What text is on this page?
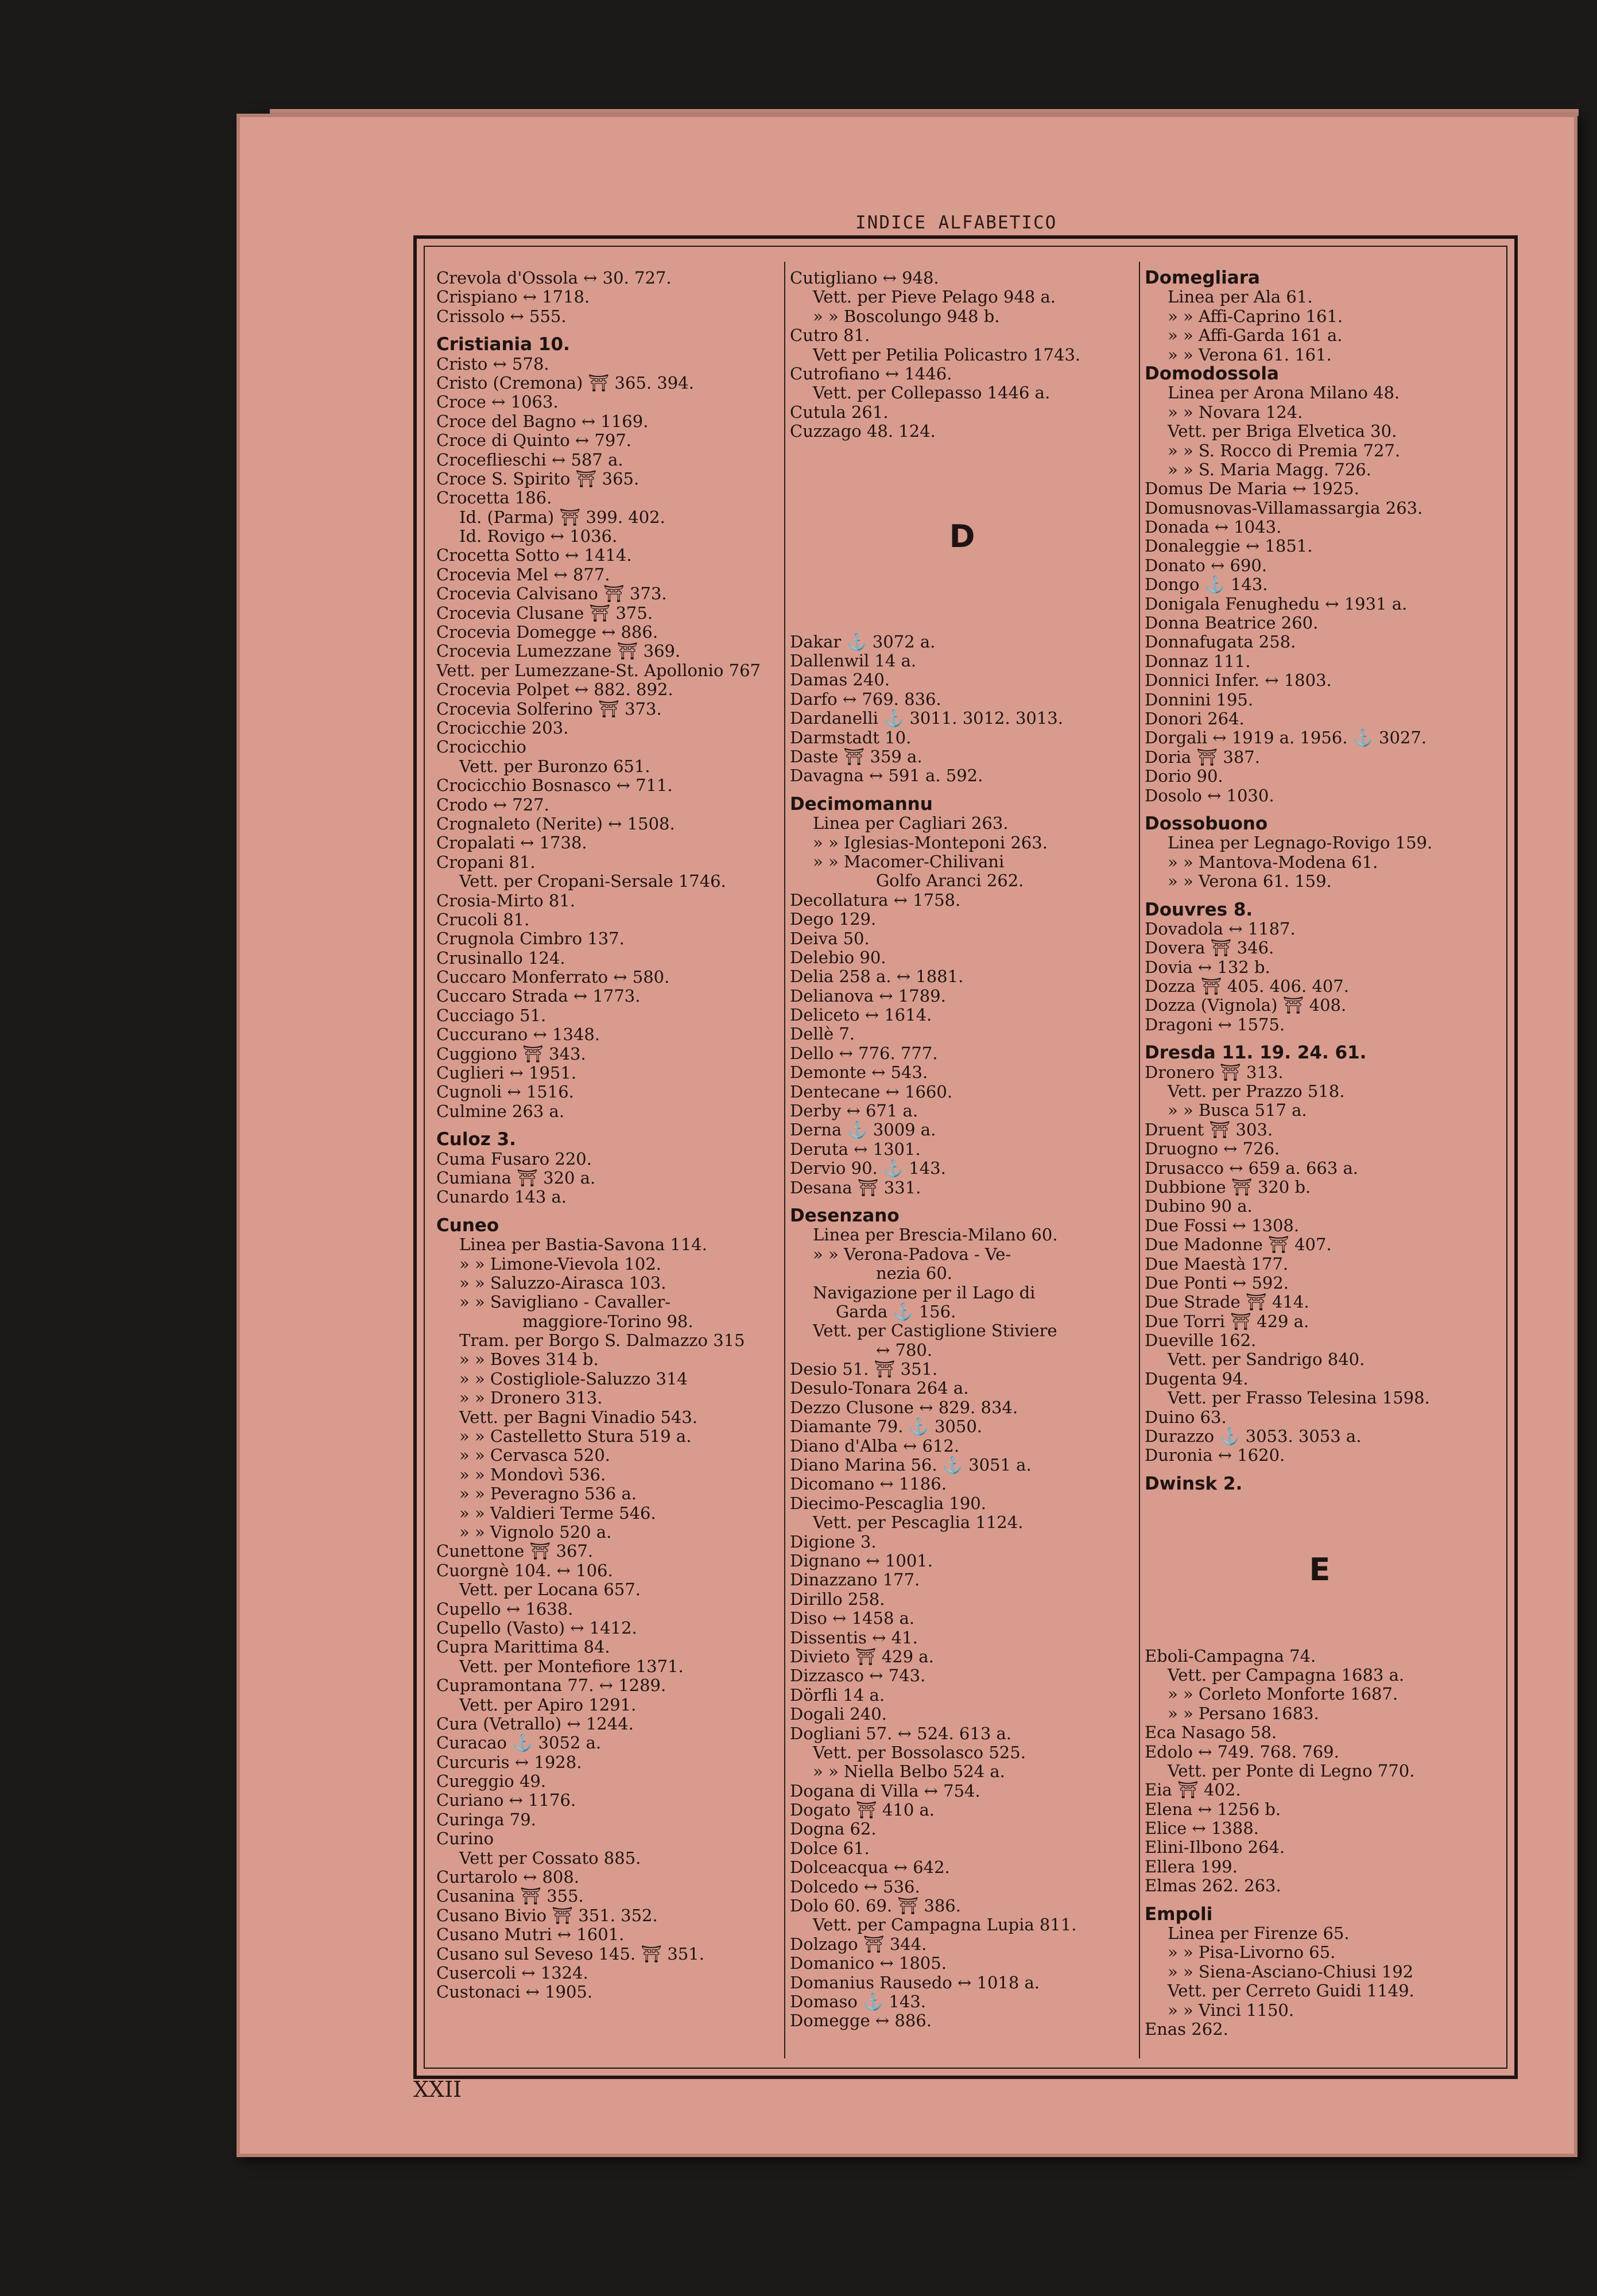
INDICE ALFABETICO
Crevola d'Ossola ↔ 30. 727.
Crispiano ↔ 1718.
Crissolo ↔ 555.
Cristiania 10.
Cristo ↔ 578.
Cristo (Cremona) ⛩ 365. 394.
Croce ↔ 1063.
Croce del Bagno ↔ 1169.
Croce di Quinto ↔ 797.
Croceflieschi ↔ 587 a.
Croce S. Spirito ⛩ 365.
Crocetta 186.
Id. (Parma) ⛩ 399. 402.
Id. Rovigo ↔ 1036.
Crocetta Sotto ↔ 1414.
Crocevia Mel ↔ 877.
Crocevia Calvisano ⛩ 373.
Crocevia Clusane ⛩ 375.
Crocevia Domegge ↔ 886.
Crocevia Lumezzane ⛩ 369.
Vett. per Lumezzane-St. Apollonio 767
Crocevia Polpet ↔ 882. 892.
Crocevia Solferino ⛩ 373.
Crocicchie 203.
Crocicchio
Vett. per Buronzo 651.
Crocicchio Bosnasco ↔ 711.
Crodo ↔ 727.
Crognaleto (Nerite) ↔ 1508.
Cropalati ↔ 1738.
Cropani 81.
Vett. per Cropani-Sersale 1746.
Crosia-Mirto 81.
Crucoli 81.
Crugnola Cimbro 137.
Crusinallo 124.
Cuccaro Monferrato ↔ 580.
Cuccaro Strada ↔ 1773.
Cucciago 51.
Cuccurano ↔ 1348.
Cuggiono ⛩ 343.
Cuglieri ↔ 1951.
Cugnoli ↔ 1516.
Culmine 263 a.
Culoz 3.
Cuma Fusaro 220.
Cumiana ⛩ 320 a.
Cunardo 143 a.
Cuneo
Linea per Bastia-Savona 114.
» » Limone-Vievola 102.
» » Saluzzo-Airasca 103.
» » Savigliano - Cavaller-
maggiore-Torino 98.
Tram. per Borgo S. Dalmazzo 315
» » Boves 314 b.
» » Costigliole-Saluzzo 314
» » Dronero 313.
Vett. per Bagni Vinadio 543.
» » Castelletto Stura 519 a.
» » Cervasca 520.
» » Mondovì 536.
» » Peveragno 536 a.
» » Valdieri Terme 546.
» » Vignolo 520 a.
Cunettone ⛩ 367.
Cuorgnè 104. ↔ 106.
Vett. per Locana 657.
Cupello ↔ 1638.
Cupello (Vasto) ↔ 1412.
Cupra Marittima 84.
Vett. per Montefiore 1371.
Cupramontana 77. ↔ 1289.
Vett. per Apiro 1291.
Cura (Vetrallo) ↔ 1244.
Curacao ⚓ 3052 a.
Curcuris ↔ 1928.
Cureggio 49.
Curiano ↔ 1176.
Curinga 79.
Curino
Vett per Cossato 885.
Curtarolo ↔ 808.
Cusanina ⛩ 355.
Cusano Bivio ⛩ 351. 352.
Cusano Mutri ↔ 1601.
Cusano sul Seveso 145. ⛩ 351.
Cusercoli ↔ 1324.
Custonaci ↔ 1905.
Cutigliano ↔ 948.
Vett. per Pieve Pelago 948 a.
» » Boscolungo 948 b.
Cutro 81.
Vett per Petilia Policastro 1743.
Cutrofiano ↔ 1446.
Vett. per Collepasso 1446 a.
Cutula 261.
Cuzzago 48. 124.
D
Dakar ⚓ 3072 a.
Dallenwil 14 a.
Damas 240.
Darfo ↔ 769. 836.
Dardanelli ⚓ 3011. 3012. 3013.
Darmstadt 10.
Daste ⛩ 359 a.
Davagna ↔ 591 a. 592.
Decimomannu
Linea per Cagliari 263.
» » Iglesias-Monteponi 263.
» » Macomer-Chilivani
Golfo Aranci 262.
Decollatura ↔ 1758.
Dego 129.
Deiva 50.
Delebio 90.
Delia 258 a. ↔ 1881.
Delianova ↔ 1789.
Deliceto ↔ 1614.
Dellè 7.
Dello ↔ 776. 777.
Demonte ↔ 543.
Dentecane ↔ 1660.
Derby ↔ 671 a.
Derna ⚓ 3009 a.
Deruta ↔ 1301.
Dervio 90. ⚓ 143.
Desana ⛩ 331.
Desenzano
Linea per Brescia-Milano 60.
» » Verona-Padova - Ve-
nezia 60.
Navigazione per il Lago di
Garda ⚓ 156.
Vett. per Castiglione Stiviere
↔ 780.
Desio 51. ⛩ 351.
Desulo-Tonara 264 a.
Dezzo Clusone ↔ 829. 834.
Diamante 79. ⚓ 3050.
Diano d'Alba ↔ 612.
Diano Marina 56. ⚓ 3051 a.
Dicomano ↔ 1186.
Diecimo-Pescaglia 190.
Vett. per Pescaglia 1124.
Digione 3.
Dignano ↔ 1001.
Dinazzano 177.
Dirillo 258.
Diso ↔ 1458 a.
Dissentis ↔ 41.
Divieto ⛩ 429 a.
Dizzasco ↔ 743.
Dörfli 14 a.
Dogali 240.
Dogliani 57. ↔ 524. 613 a.
Vett. per Bossolasco 525.
» » Niella Belbo 524 a.
Dogana di Villa ↔ 754.
Dogato ⛩ 410 a.
Dogna 62.
Dolce 61.
Dolceacqua ↔ 642.
Dolcedo ↔ 536.
Dolo 60. 69. ⛩ 386.
Vett. per Campagna Lupia 811.
Dolzago ⛩ 344.
Domanico ↔ 1805.
Domanius Rausedo ↔ 1018 a.
Domaso ⚓ 143.
Domegge ↔ 886.
Domegliara
Linea per Ala 61.
» » Affi-Caprino 161.
» » Affi-Garda 161 a.
» » Verona 61. 161.
Domodossola
Linea per Arona Milano 48.
» » Novara 124.
Vett. per Briga Elvetica 30.
» » S. Rocco di Premia 727.
» » S. Maria Magg. 726.
Domus De Maria ↔ 1925.
Domusnovas-Villamassargia 263.
Donada ↔ 1043.
Donaleggie ↔ 1851.
Donato ↔ 690.
Dongo ⚓ 143.
Donigala Fenughedu ↔ 1931 a.
Donna Beatrice 260.
Donnafugata 258.
Donnaz 111.
Donnici Infer. ↔ 1803.
Donnini 195.
Donori 264.
Dorgali ↔ 1919 a. 1956. ⚓ 3027.
Doria ⛩ 387.
Dorio 90.
Dosolo ↔ 1030.
Dossobuono
Linea per Legnago-Rovigo 159.
» » Mantova-Modena 61.
» » Verona 61. 159.
Douvres 8.
Dovadola ↔ 1187.
Dovera ⛩ 346.
Dovia ↔ 132 b.
Dozza ⛩ 405. 406. 407.
Dozza (Vignola) ⛩ 408.
Dragoni ↔ 1575.
Dresda 11. 19. 24. 61.
Dronero ⛩ 313.
Vett. per Prazzo 518.
» » Busca 517 a.
Druent ⛩ 303.
Druogno ↔ 726.
Drusacco ↔ 659 a. 663 a.
Dubbione ⛩ 320 b.
Dubino 90 a.
Due Fossi ↔ 1308.
Due Madonne ⛩ 407.
Due Maestà 177.
Due Ponti ↔ 592.
Due Strade ⛩ 414.
Due Torri ⛩ 429 a.
Dueville 162.
Vett. per Sandrigo 840.
Dugenta 94.
Vett. per Frasso Telesina 1598.
Duino 63.
Durazzo ⚓ 3053. 3053 a.
Duronia ↔ 1620.
Dwinsk 2.
E
Eboli-Campagna 74.
Vett. per Campagna 1683 a.
» » Corleto Monforte 1687.
» » Persano 1683.
Eca Nasago 58.
Edolo ↔ 749. 768. 769.
Vett. per Ponte di Legno 770.
Eia ⛩ 402.
Elena ↔ 1256 b.
Elice ↔ 1388.
Elini-Ilbono 264.
Ellera 199.
Elmas 262. 263.
Empoli
Linea per Firenze 65.
» » Pisa-Livorno 65.
» » Siena-Asciano-Chiusi 192
Vett. per Cerreto Guidi 1149.
» » Vinci 1150.
Enas 262.
XXII
